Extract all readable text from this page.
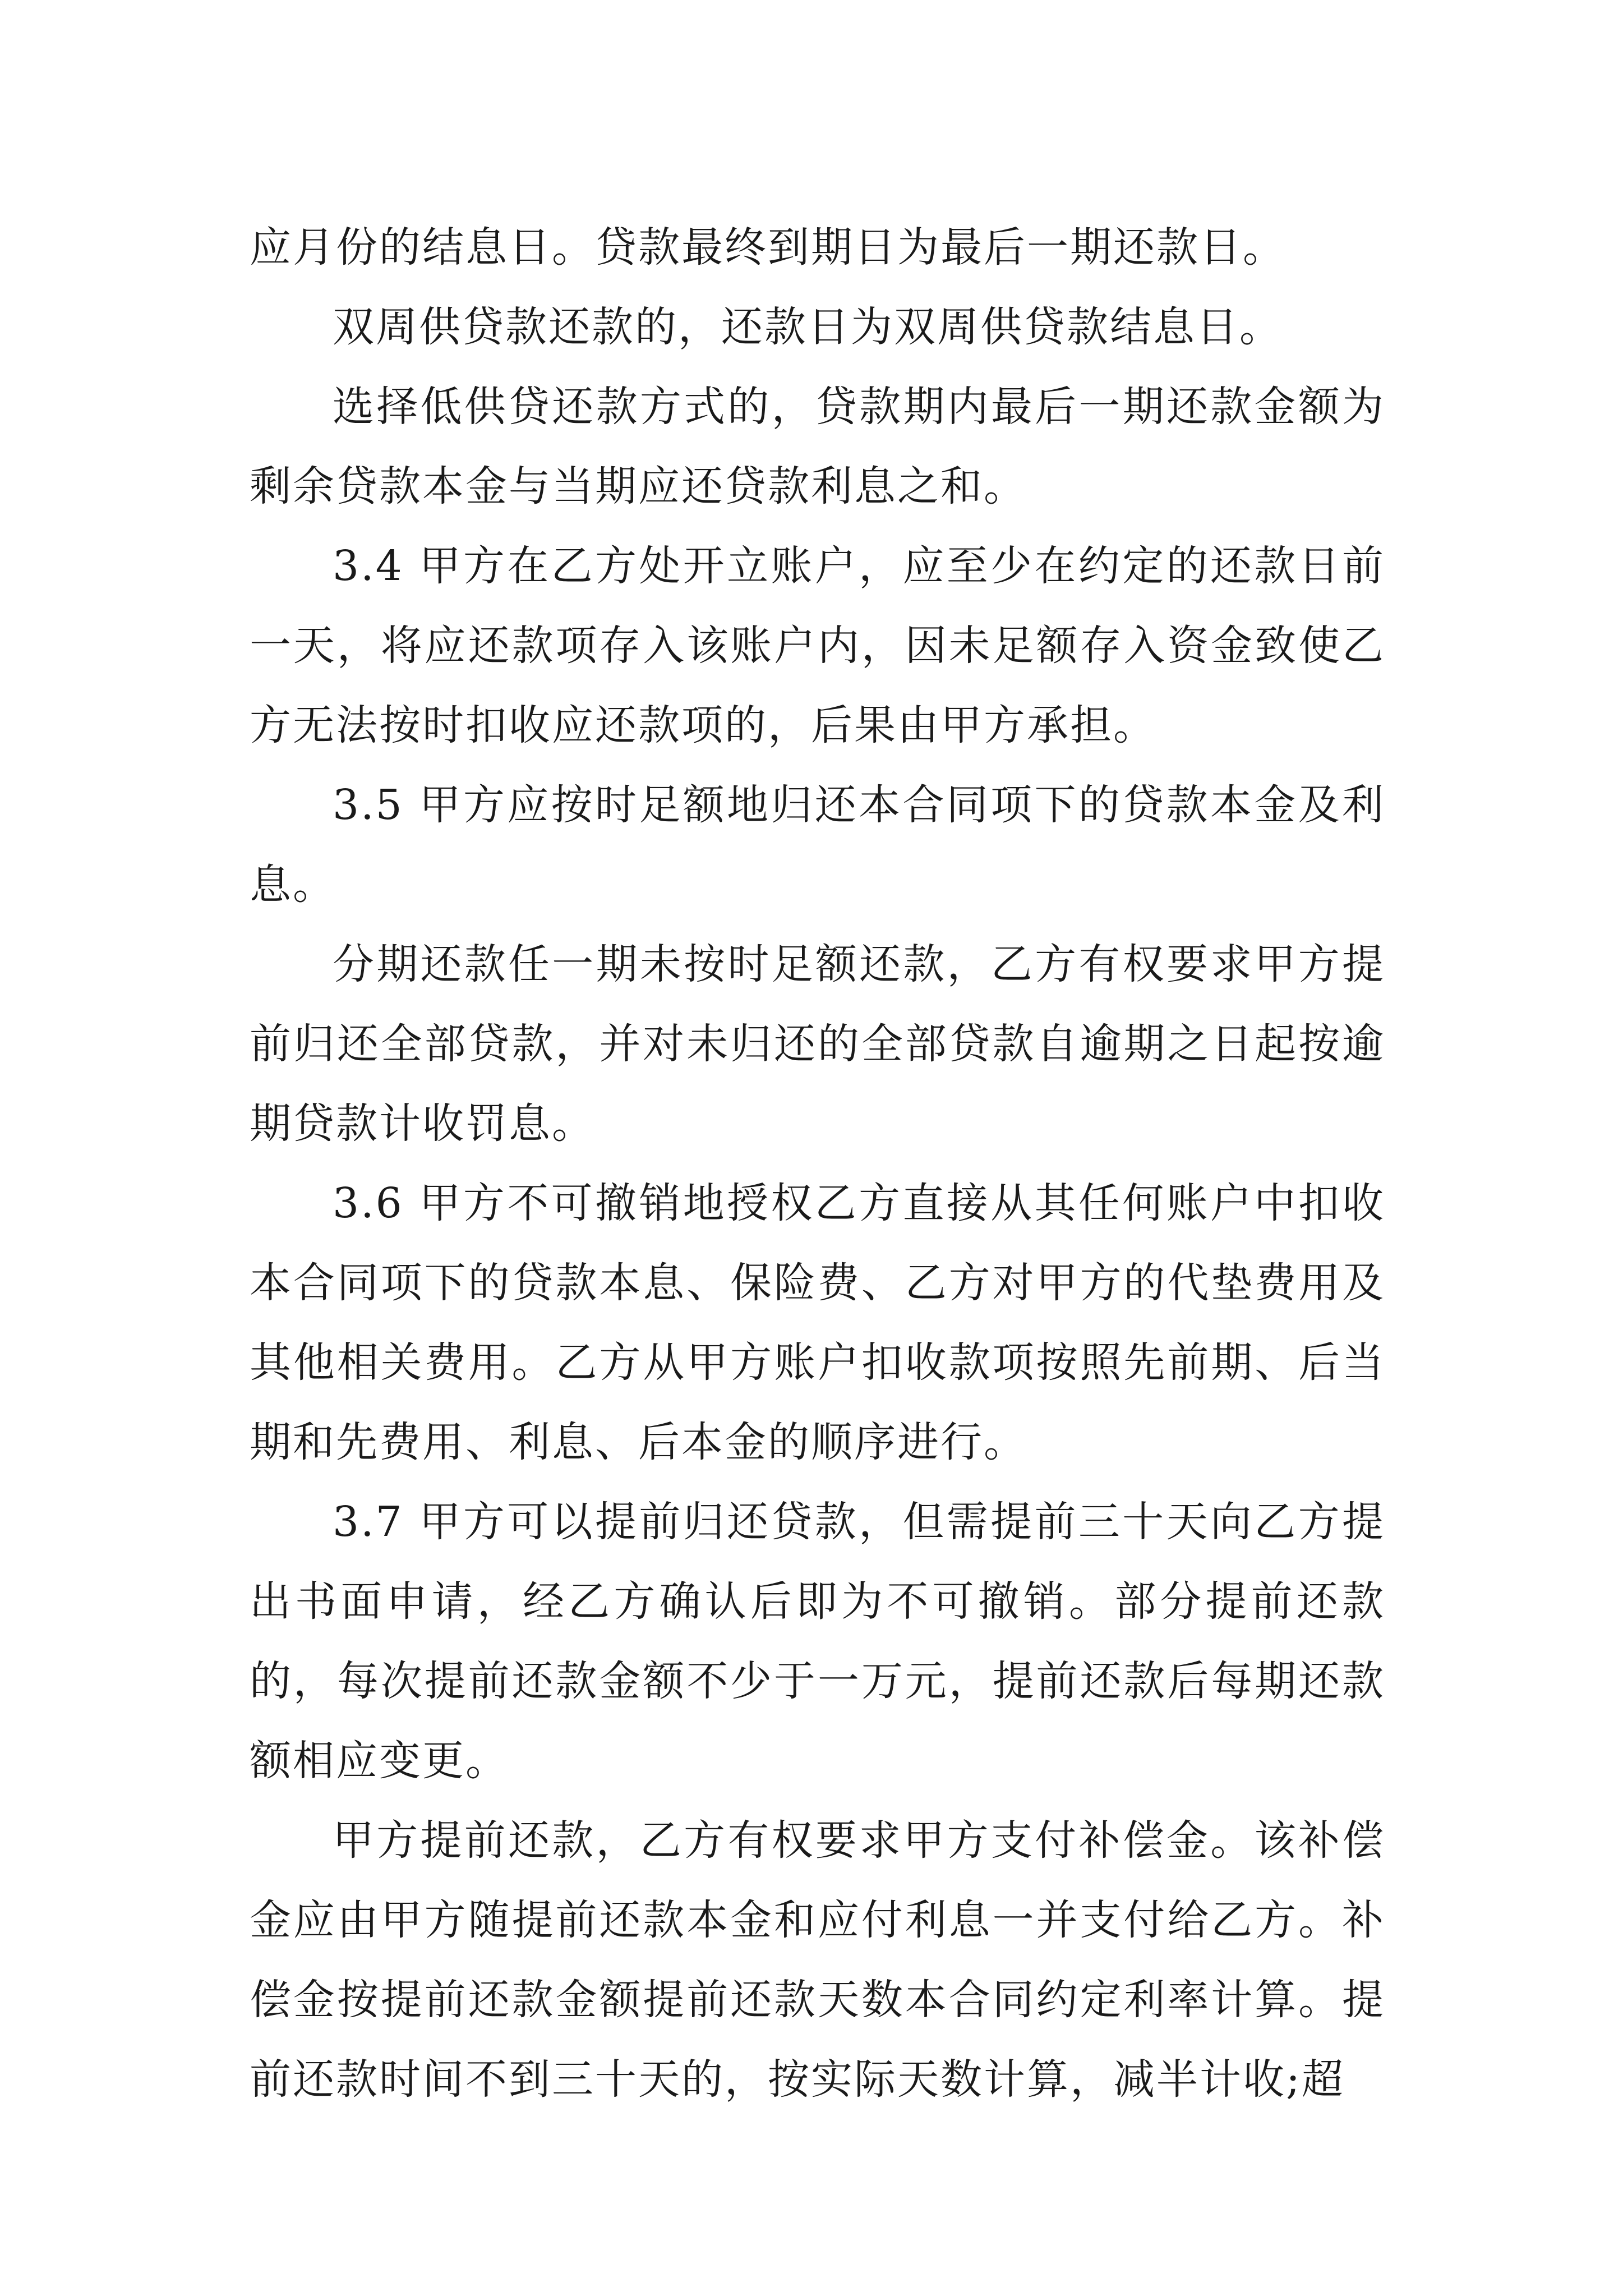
应月份的结息日。贷款最终到期日为最后一期还款日。

双周供贷款还款的，还款日为双周供贷款结息日。

选择低供贷还款方式的，贷款期内最后一期还款金额为剩余贷款本金与当期应还贷款利息之和。

3.4 甲方在乙方处开立账户，应至少在约定的还款日前一天，将应还款项存入该账户内，因未足额存入资金致使乙方无法按时扣收应还款项的，后果由甲方承担。

3.5 甲方应按时足额地归还本合同项下的贷款本金及利息。

分期还款任一期未按时足额还款，乙方有权要求甲方提前归还全部贷款，并对未归还的全部贷款自逾期之日起按逾期贷款计收罚息。

3.6 甲方不可撤销地授权乙方直接从其任何账户中扣收本合同项下的贷款本息、保险费、乙方对甲方的代垫费用及其他相关费用。乙方从甲方账户扣收款项按照先前期、后当期和先费用、利息、后本金的顺序进行。

3.7 甲方可以提前归还贷款，但需提前三十天向乙方提出书面申请，经乙方确认后即为不可撤销。部分提前还款的，每次提前还款金额不少于一万元，提前还款后每期还款额相应变更。

甲方提前还款，乙方有权要求甲方支付补偿金。该补偿金应由甲方随提前还款本金和应付利息一并支付给乙方。补偿金按提前还款金额提前还款天数本合同约定利率计算。提前还款时间不到三十天的，按实际天数计算，减半计收;超
